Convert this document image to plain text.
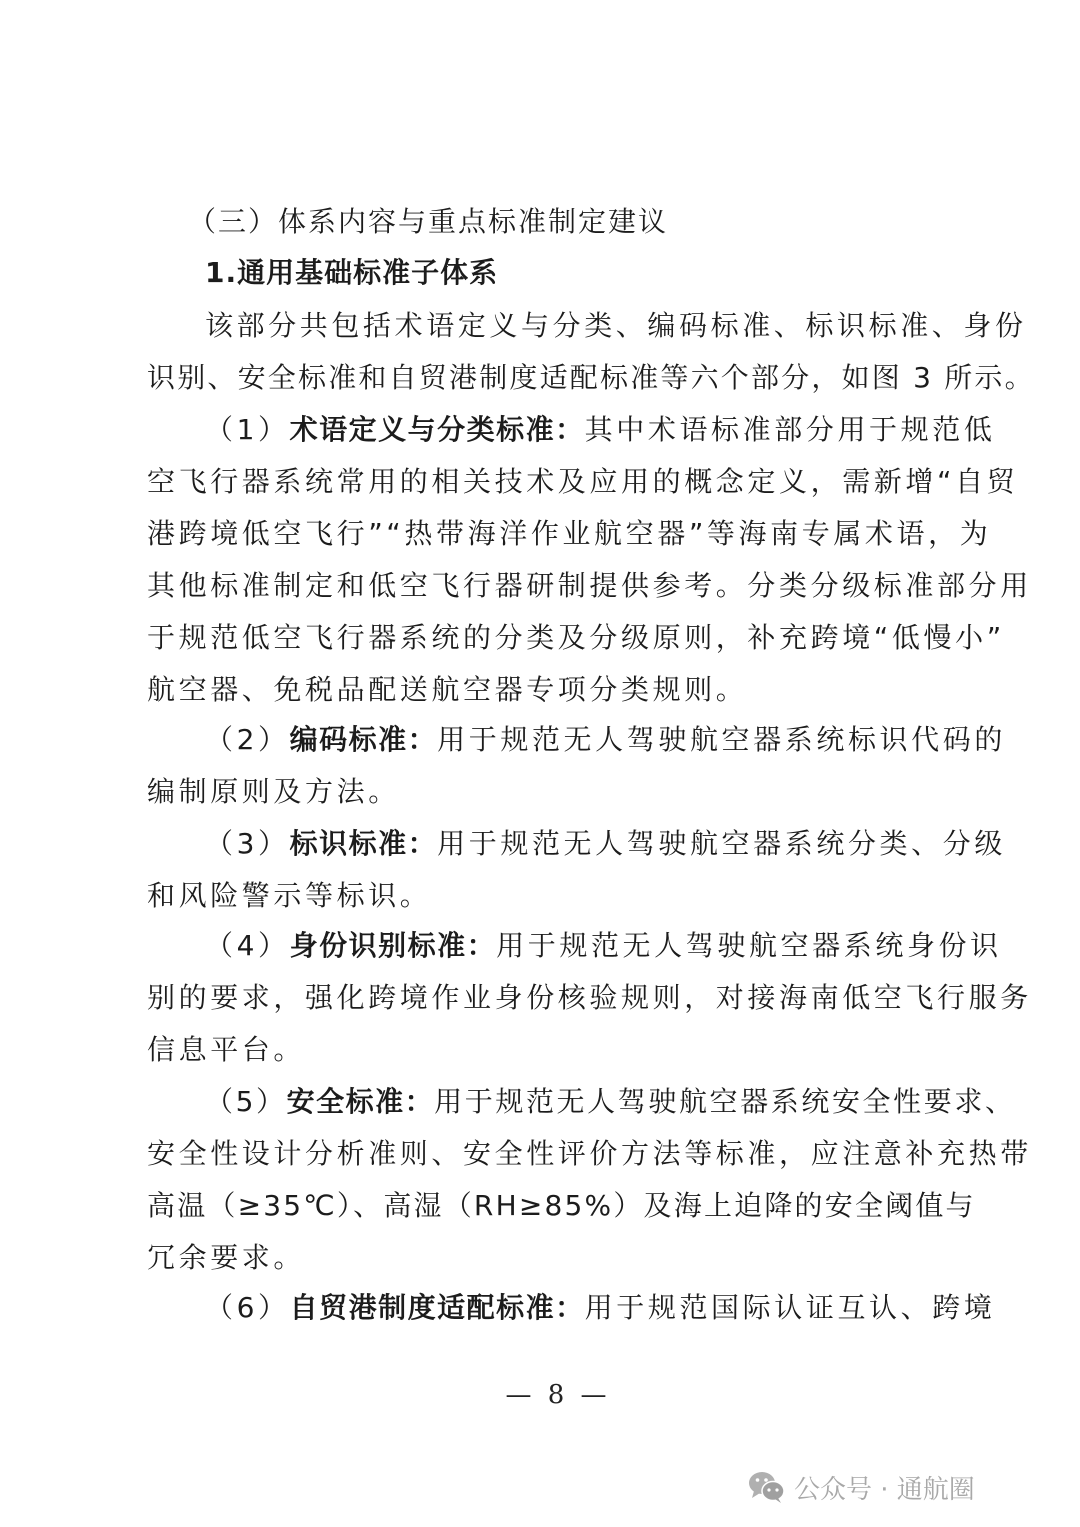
（三）体系内容与重点标准制定建议
1.通用基础标准子体系
该部分共包括术语定义与分类、编码标准、标识标准、身份
识别、安全标准和自贸港制度适配标准等六个部分，如图 3 所示。
（1）术语定义与分类标准：其中术语标准部分用于规范低
空飞行器系统常用的相关技术及应用的概念定义，需新增“自贸
港跨境低空飞行”“热带海洋作业航空器”等海南专属术语，为
其他标准制定和低空飞行器研制提供参考。分类分级标准部分用
于规范低空飞行器系统的分类及分级原则，补充跨境“低慢小”
航空器、免税品配送航空器专项分类规则。
（2）编码标准：用于规范无人驾驶航空器系统标识代码的
编制原则及方法。
（3）标识标准：用于规范无人驾驶航空器系统分类、分级
和风险警示等标识。
（4）身份识别标准：用于规范无人驾驶航空器系统身份识
别的要求，强化跨境作业身份核验规则，对接海南低空飞行服务
信息平台。
（5）安全标准：用于规范无人驾驶航空器系统安全性要求、
安全性设计分析准则、安全性评价方法等标准，应注意补充热带
高温（≥35℃）、高湿（RH≥85%）及海上迫降的安全阈值与
冗余要求。
（6）自贸港制度适配标准：用于规范国际认证互认、跨境
— 8 —
公众号 · 通航圈
